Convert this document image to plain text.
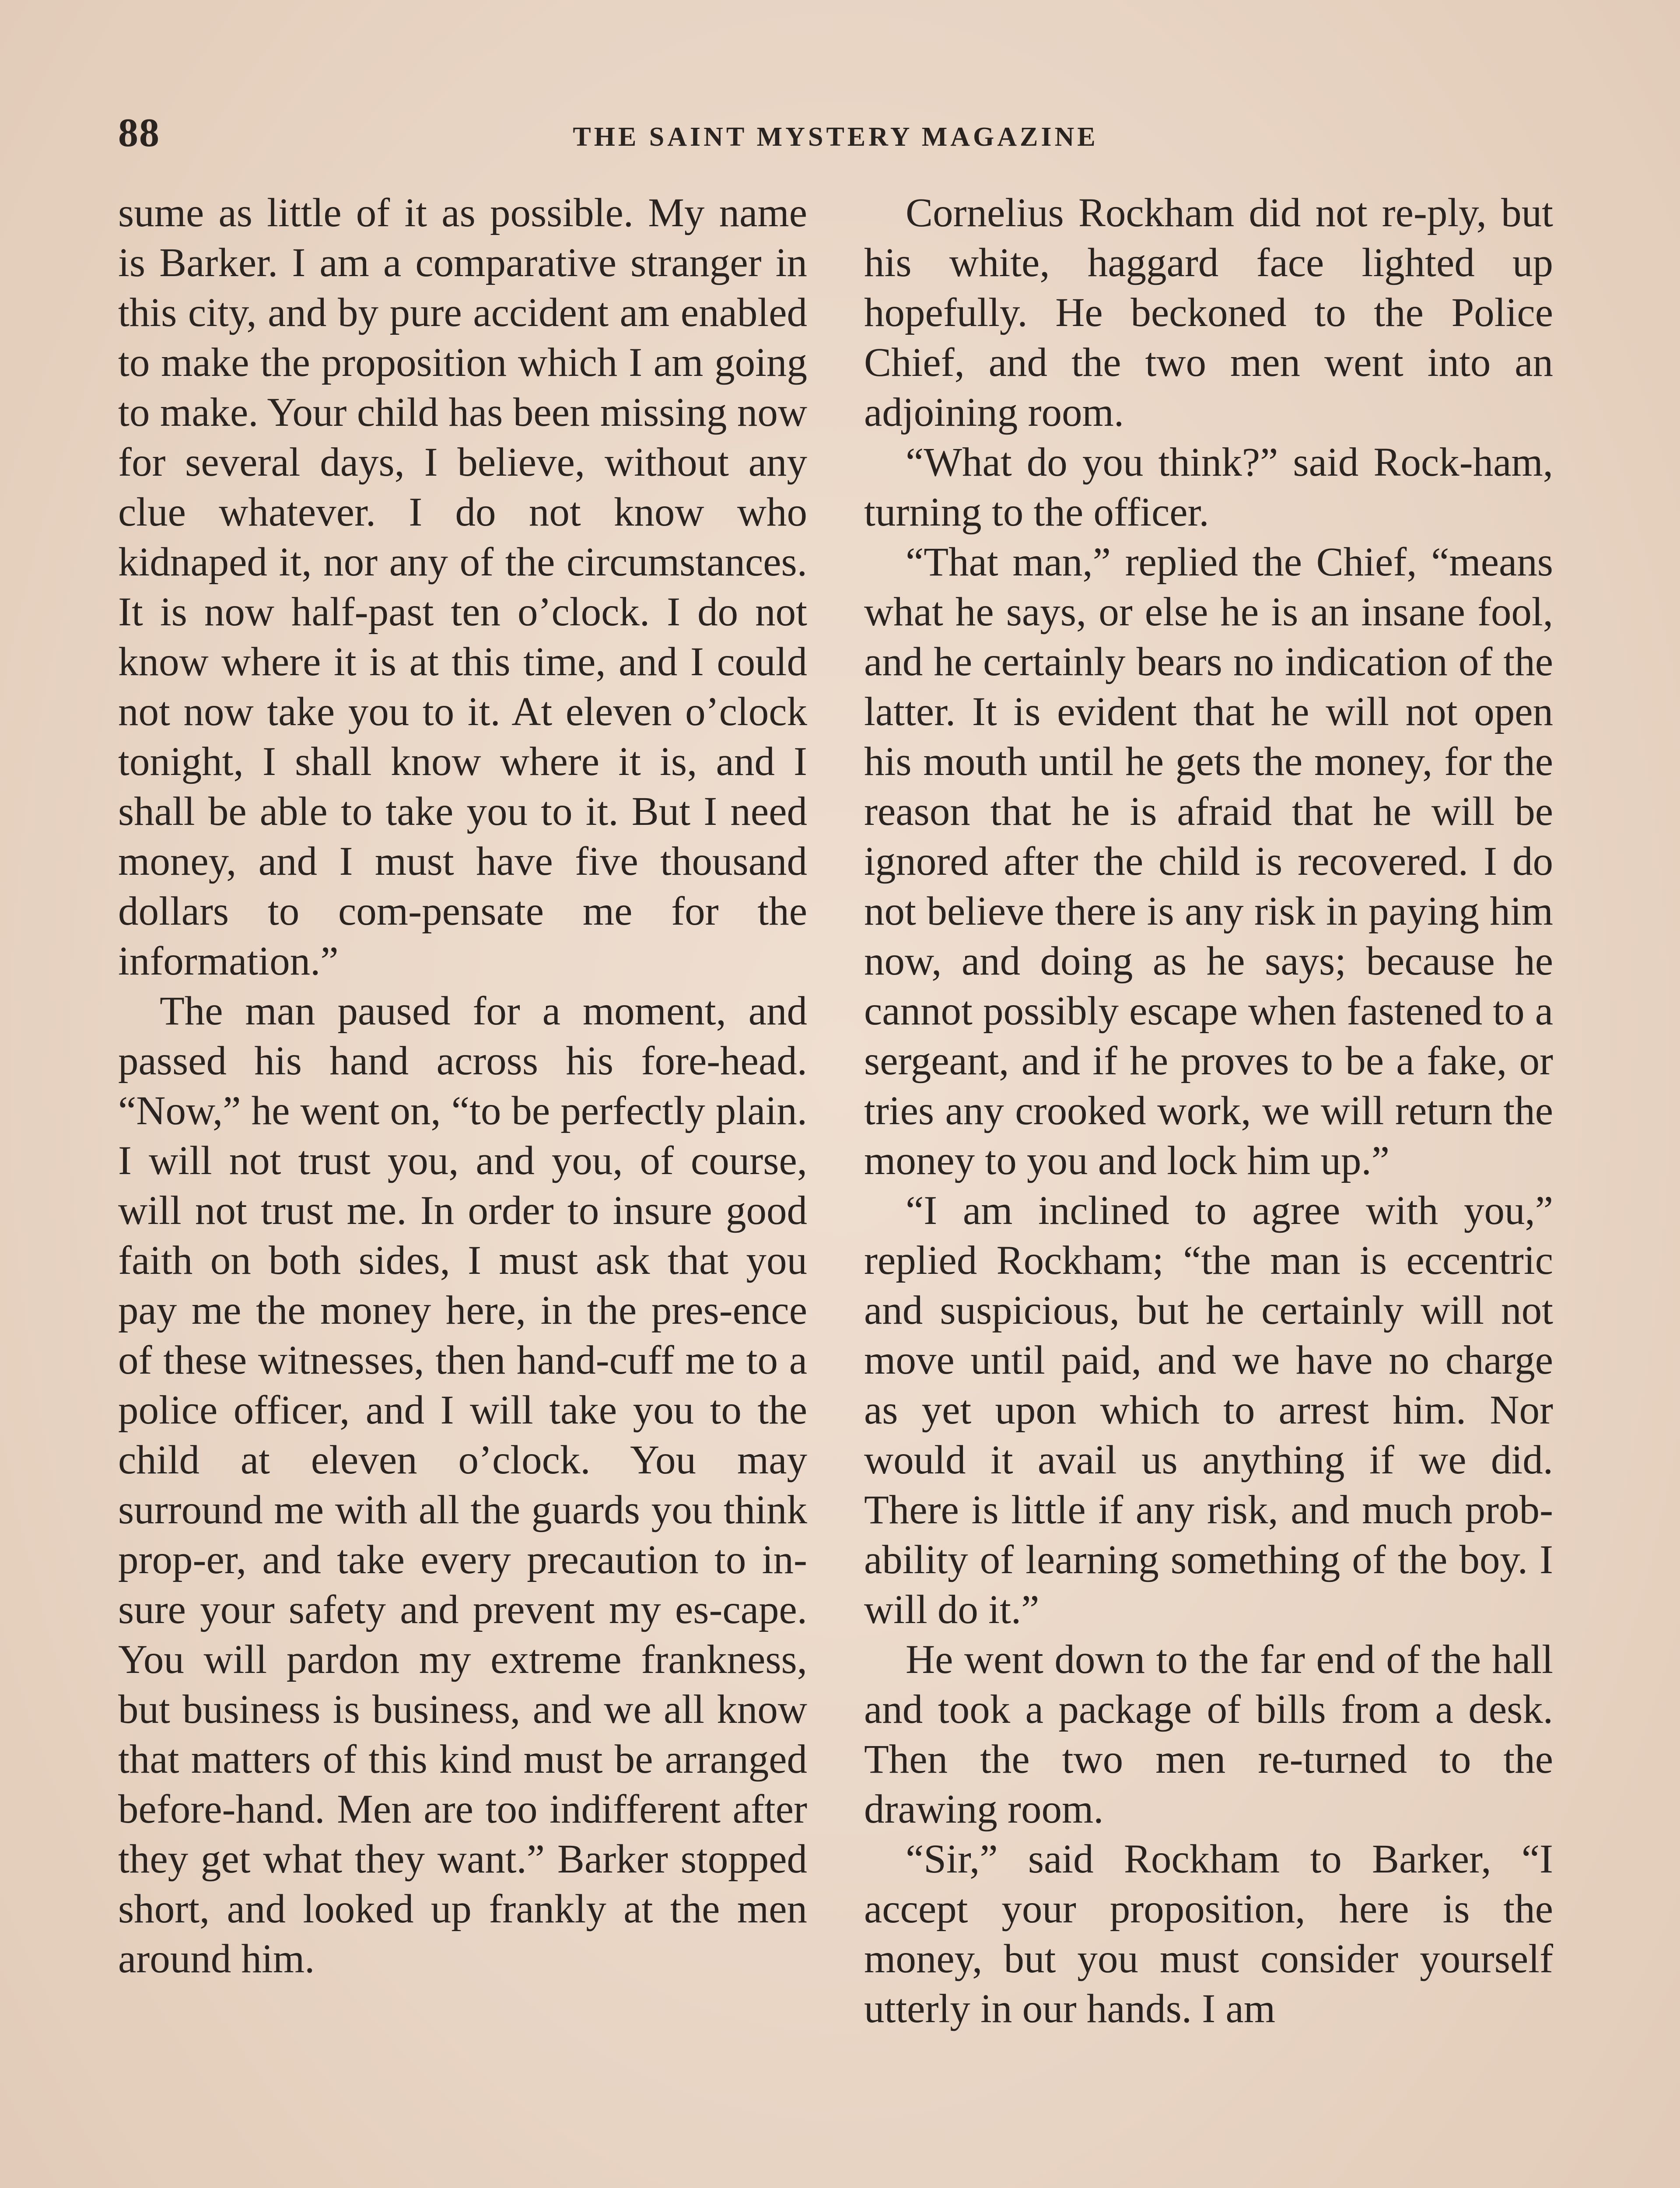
88	THE SAINT MYSTERY MAGAZINE

sume as little of it as possible. My name is Barker. I am a comparative stranger in this city, and by pure accident am enabled to make the proposition which I am going to make. Your child has been missing now for several days, I believe, without any clue whatever. I do not know who kidnaped it, nor any of the circumstances. It is now half-past ten o’clock. I do not know where it is at this time, and I could not now take you to it. At eleven o’clock tonight, I shall know where it is, and I shall be able to take you to it. But I need money, and I must have five thousand dollars to com-pensate me for the information.”

The man paused for a moment, and passed his hand across his fore-head. “Now,” he went on, “to be perfectly plain. I will not trust you, and you, of course, will not trust me. In order to insure good faith on both sides, I must ask that you pay me the money here, in the pres-ence of these witnesses, then hand-cuff me to a police officer, and I will take you to the child at eleven o’clock. You may surround me with all the guards you think prop-er, and take every precaution to in-sure your safety and prevent my es-cape. You will pardon my extreme frankness, but business is business, and we all know that matters of this kind must be arranged before-hand. Men are too indifferent after they get what they want.” Barker stopped short, and looked up frankly at the men around him.

Cornelius Rockham did not re-ply, but his white, haggard face lighted up hopefully. He beckoned to the Police Chief, and the two men went into an adjoining room.

“What do you think?” said Rock-ham, turning to the officer.

“That man,” replied the Chief, “means what he says, or else he is an insane fool, and he certainly bears no indication of the latter. It is evident that he will not open his mouth until he gets the money, for the reason that he is afraid that he will be ignored after the child is recovered. I do not believe there is any risk in paying him now, and doing as he says; because he cannot possibly escape when fastened to a sergeant, and if he proves to be a fake, or tries any crooked work, we will return the money to you and lock him up.”

“I am inclined to agree with you,” replied Rockham; “the man is eccentric and suspicious, but he certainly will not move until paid, and we have no charge as yet upon which to arrest him. Nor would it avail us anything if we did. There is little if any risk, and much prob-ability of learning something of the boy. I will do it.”

He went down to the far end of the hall and took a package of bills from a desk. Then the two men re-turned to the drawing room.

“Sir,” said Rockham to Barker, “I accept your proposition, here is the money, but you must consider yourself utterly in our hands. I am
